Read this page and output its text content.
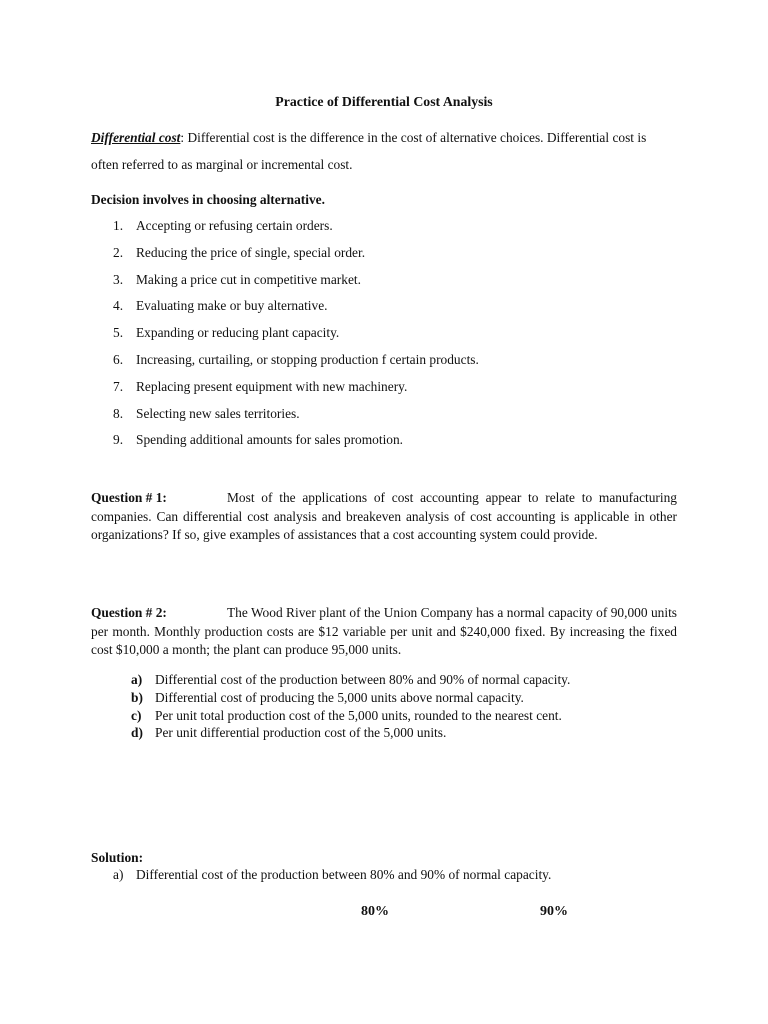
Practice of Differential Cost Analysis
Differential cost: Differential cost is the difference in the cost of alternative choices. Differential cost is often referred to as marginal or incremental cost.
Decision involves in choosing alternative.
1. Accepting or refusing certain orders.
2. Reducing the price of single, special order.
3. Making a price cut in competitive market.
4. Evaluating make or buy alternative.
5. Expanding or reducing plant capacity.
6. Increasing, curtailing, or stopping production f certain products.
7. Replacing present equipment with new machinery.
8. Selecting new sales territories.
9. Spending additional amounts for sales promotion.
Question # 1:	Most of the applications of cost accounting appear to relate to manufacturing companies. Can differential cost analysis and breakeven analysis of cost accounting is applicable in other organizations? If so, give examples of assistances that a cost accounting system could provide.
Question # 2:	The Wood River plant of the Union Company has a normal capacity of 90,000 units per month. Monthly production costs are $12 variable per unit and $240,000 fixed. By increasing the fixed cost $10,000 a month; the plant can produce 95,000 units.
a) Differential cost of the production between 80% and 90% of normal capacity.
b) Differential cost of producing the 5,000 units above normal capacity.
c) Per unit total production cost of the 5,000 units, rounded to the nearest cent.
d) Per unit differential production cost of the 5,000 units.
Solution:
a) Differential cost of the production between 80% and 90% of normal capacity.
80%	90%
